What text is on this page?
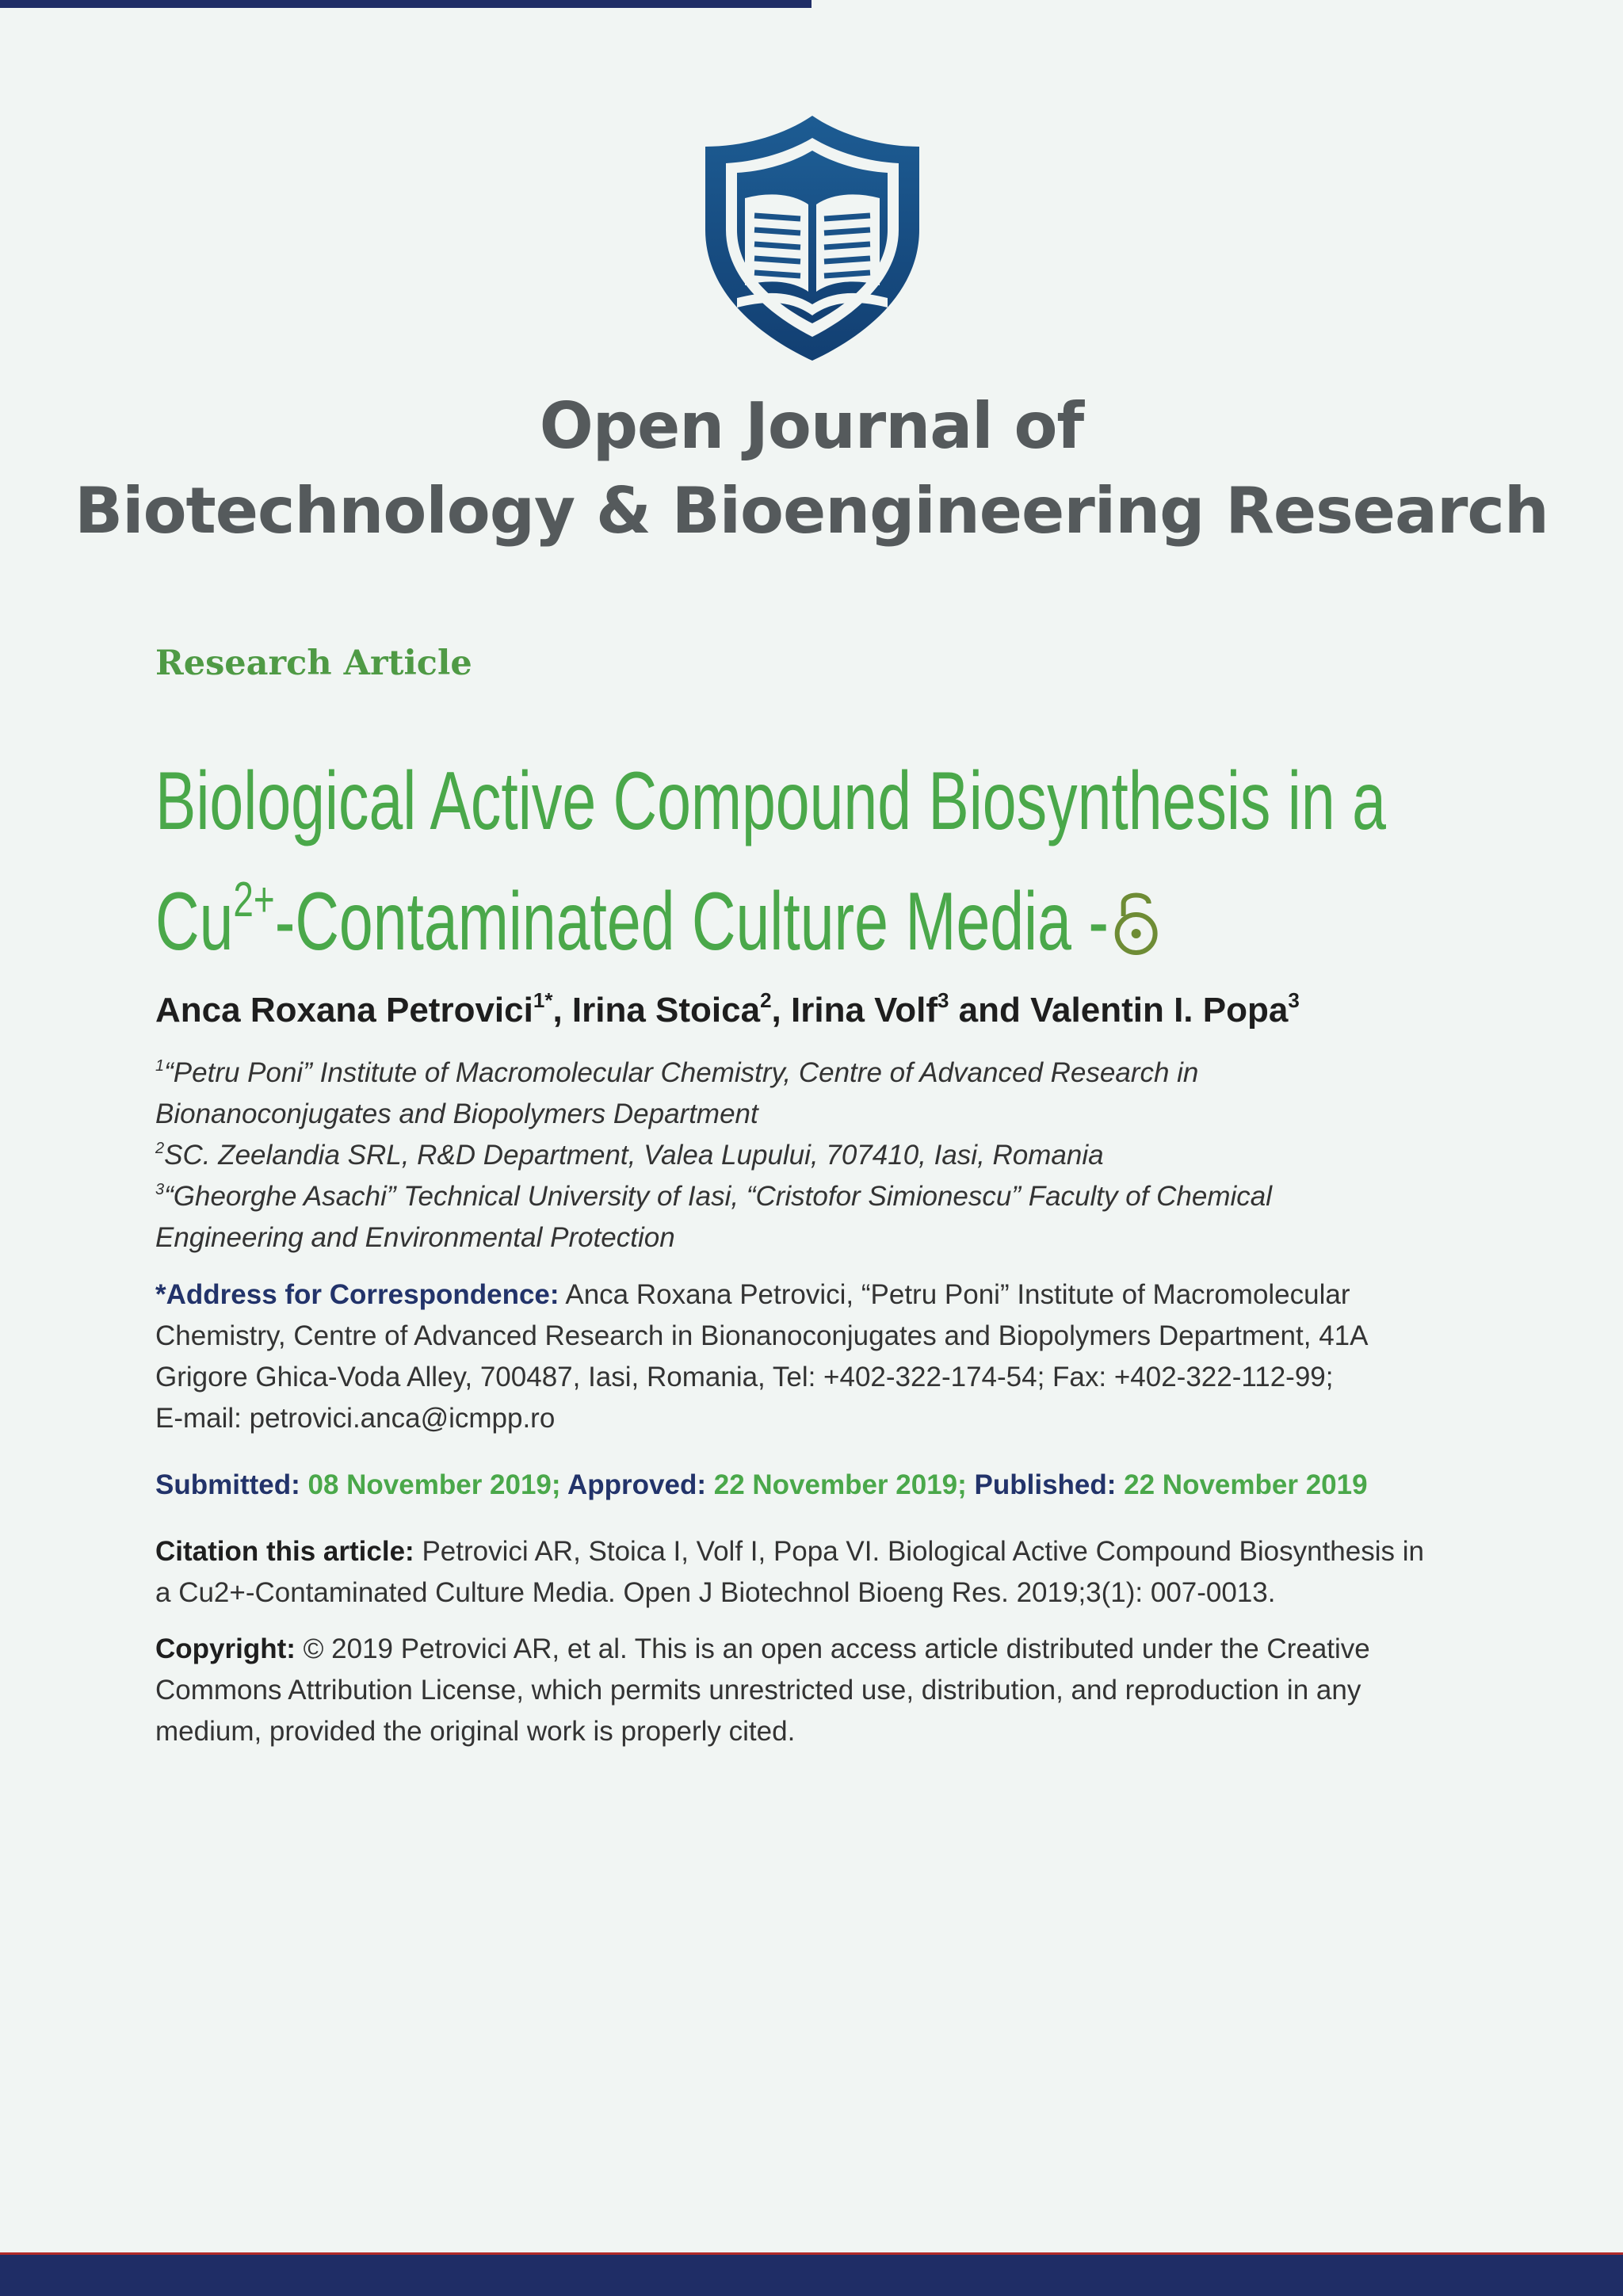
Open Journal of
Biotechnology & Bioengineering Research
Research Article
Biological Active Compound Biosynthesis in a
$Cu^{2+}$-Contaminated Culture Media -
Anca Roxana Petrovici$^{1*}$, Irina Stoica$^2$, Irina Volf$^3$ and Valentin I. Popa$^3$

$^1$“Petru Poni” Institute of Macromolecular Chemistry, Centre of Advanced Research in
Bionanoconjugates and Biopolymers Department

$^2$SC. Zeelandia SRL, R&D Department, Valea Lupului, 707410, Iasi, Romania

$^3$“Gheorghe Asachi” Technical University of Iasi, “Cristofor Simionescu” Faculty of Chemical
Engineering and Environmental Protection

*Address for Correspondence: Anca Roxana Petrovici, “Petru Poni” Institute of Macromolecular
Chemistry, Centre of Advanced Research in Bionanoconjugates and Biopolymers Department, 41A
Grigore Ghica-Voda Alley, 700487, Iasi, Romania, Tel: +402-322-174-54; Fax: +402-322-112-99;
E-mail: petrovici.anca@icmpp.ro
Submitted: 08 November 2019; Approved: 22 November 2019; Published: 22 November 2019
Citation this article: Petrovici AR, Stoica I, Volf I, Popa VI. Biological Active Compound Biosynthesis in
a Cu2+-Contaminated Culture Media. Open J Biotechnol Bioeng Res. 2019;3(1): 007-0013.
Copyright: © 2019 Petrovici AR, et al. This is an open access article distributed under the Creative
Commons Attribution License, which permits unrestricted use, distribution, and reproduction in any
medium, provided the original work is properly cited.
